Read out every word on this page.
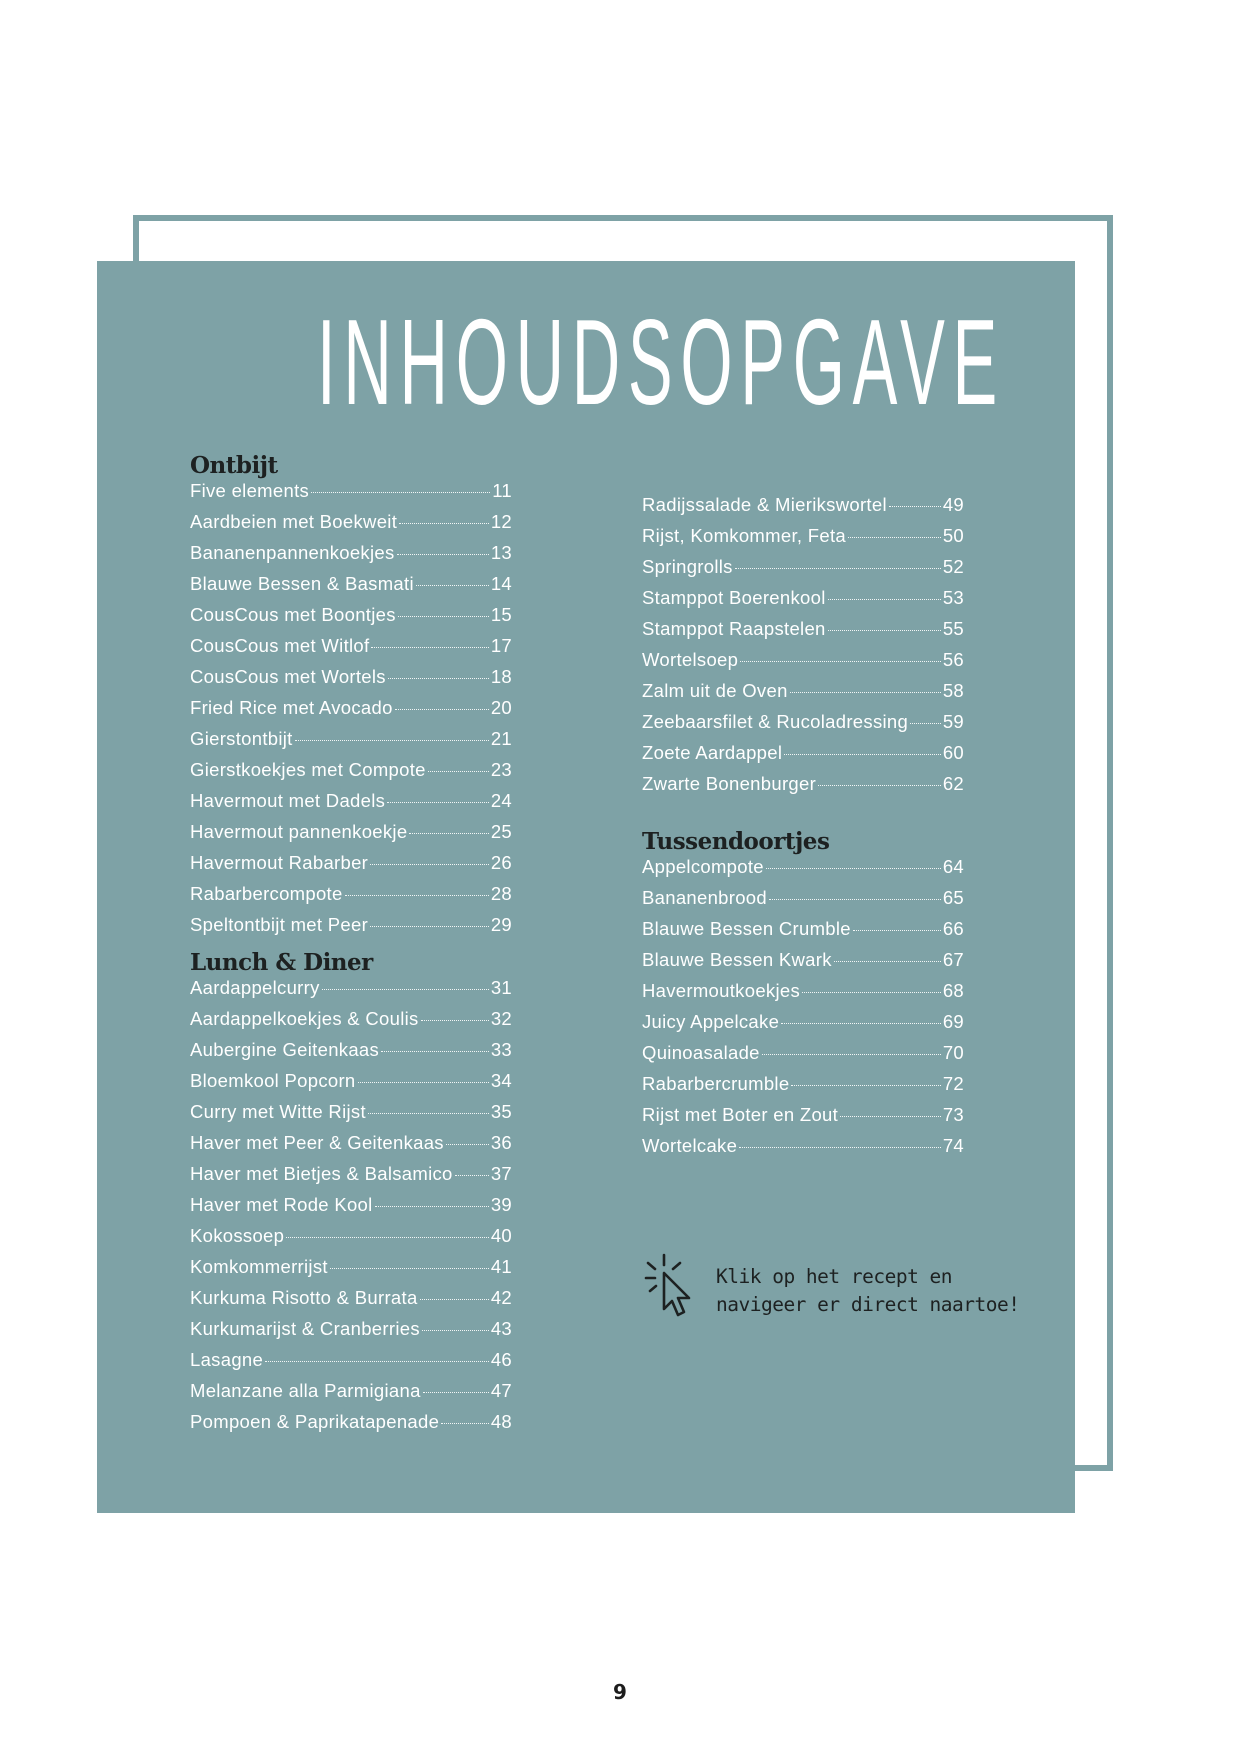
INHOUDSOPGAVE
Ontbijt
Five elements	11
Aardbeien met Boekweit	12
Bananenpannenkoekjes	13
Blauwe Bessen & Basmati	14
CousCous met Boontjes	15
CousCous met Witlof	17
CousCous met Wortels	18
Fried Rice met Avocado	20
Gierstontbijt	21
Gierstkoekjes met Compote	23
Havermout met Dadels	24
Havermout pannenkoekje	25
Havermout Rabarber	26
Rabarbercompote	28
Speltontbijt met Peer	29
Lunch & Diner
Aardappelcurry	31
Aardappelkoekjes & Coulis	32
Aubergine Geitenkaas	33
Bloemkool Popcorn	34
Curry met Witte Rijst	35
Haver met Peer & Geitenkaas	36
Haver met Bietjes & Balsamico 37
Haver met Rode Kool	39
Kokossoep	40
Komkommerrijst	41
Kurkuma Risotto & Burrata	42
Kurkumarijst & Cranberries	43
Lasagne	46
Melanzane alla Parmigiana	47
Pompoen & Paprikatapenade	48
Radijssalade & Mierikswortel	49
Rijst, Komkommer, Feta	50
Springrolls	52
Stamppot Boerenkool	53
Stamppot Raapstelen	55
Wortelsoep	56
Zalm uit de Oven	58
Zeebaarsfilet & Rucoladressing 59
Zoete Aardappel	60
Zwarte Bonenburger	62
Tussendoortjes
Appelcompote	64
Bananenbrood	65
Blauwe Bessen Crumble	66
Blauwe Bessen Kwark	67
Havermoutkoekjes	68
Juicy Appelcake	69
Quinoasalade	70
Rabarbercrumble	72
Rijst met Boter en Zout	73
Wortelcake	74
Klik op het recept en
navigeer er direct naartoe!
9
